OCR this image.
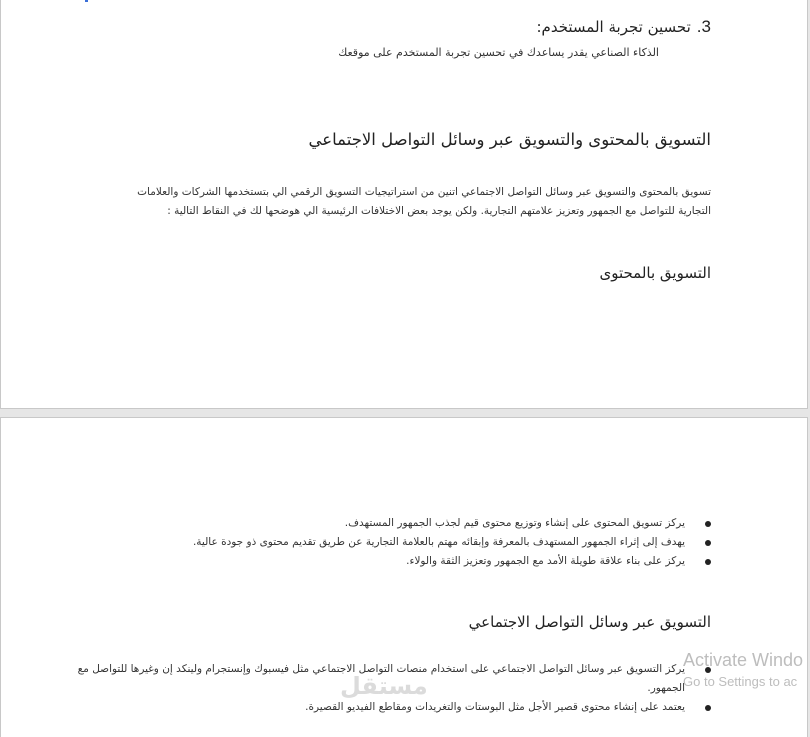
3.تحسين تجربة المستخدم:
الذكاء الصناعي يقدر يساعدك في تحسين تجربة المستخدم على موقعك
التسويق بالمحتوى والتسويق عبر وسائل التواصل الاجتماعي
تسويق بالمحتوى والتسويق عبر وسائل التواصل الاجتماعي اتنين من استراتيجيات التسويق الرقمي الي بتستخدمها الشركات والعلامات التجارية للتواصل مع الجمهور وتعزيز علامتهم التجارية. ولكن يوجد بعض الاختلافات الرئيسية الي هوضحها لك في النقاط التالية :
التسويق بالمحتوى
يركز تسويق المحتوى على إنشاء وتوزيع محتوى قيم لجذب الجمهور المستهدف.
يهدف إلى إثراء الجمهور المستهدف بالمعرفة وإبقائه مهتم بالعلامة التجارية عن طريق تقديم محتوى ذو جودة عالية.
يركز على بناء علاقة طويلة الأمد مع الجمهور وتعزيز الثقة والولاء.
التسويق عبر وسائل التواصل الاجتماعي
يركز التسويق عبر وسائل التواصل الاجتماعي على استخدام منصات التواصل الاجتماعي مثل فيسبوك وإنستجرام ولينكد إن وغيرها للتواصل مع الجمهور.
يعتمد على إنشاء محتوى قصير الأجل مثل البوستات والتغريدات ومقاطع الفيديو القصيرة.
مستقل
Activate Windo
Go to Settings to ac
